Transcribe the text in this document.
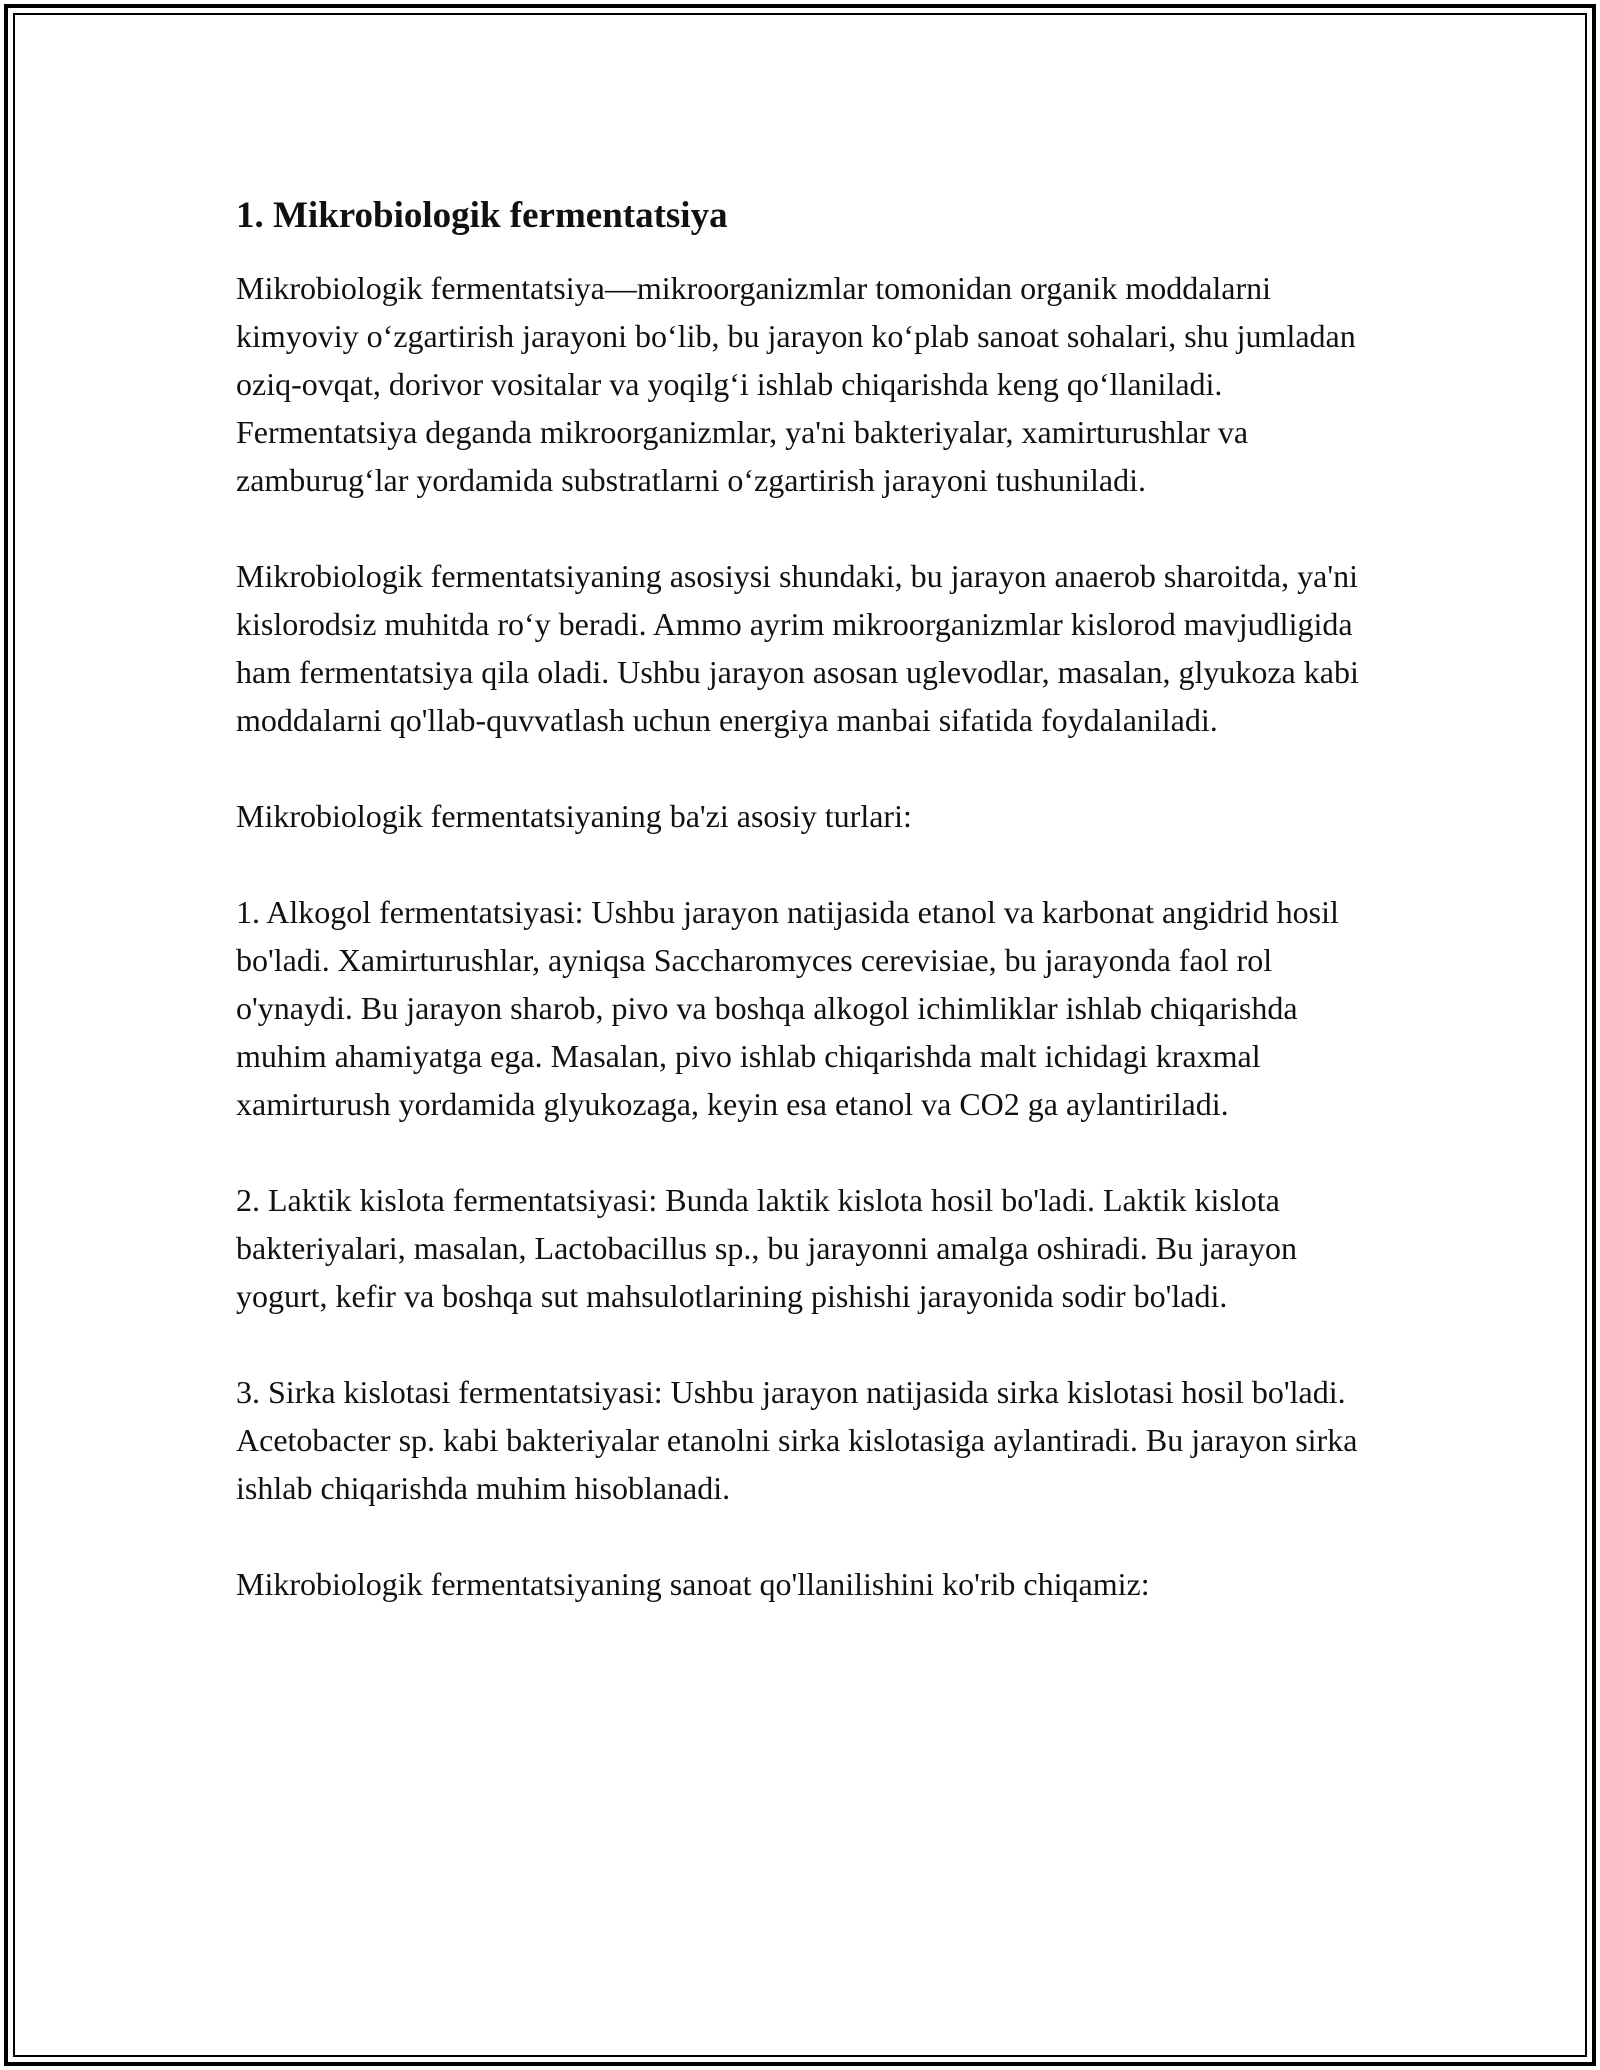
1. Mikrobiologik fermentatsiya

Mikrobiologik fermentatsiya—mikroorganizmlar tomonidan organik moddalarni kimyoviy o‘zgartirish jarayoni bo‘lib, bu jarayon ko‘plab sanoat sohalari, shu jumladan oziq-ovqat, dorivor vositalar va yoqilg‘i ishlab chiqarishda keng qo‘llaniladi. Fermentatsiya deganda mikroorganizmlar, ya'ni bakteriyalar, xamirturushlar va zamburug‘lar yordamida substratlarni o‘zgartirish jarayoni tushuniladi.

Mikrobiologik fermentatsiyaning asosiysi shundaki, bu jarayon anaerob sharoitda, ya'ni kislorodsiz muhitda ro‘y beradi. Ammo ayrim mikroorganizmlar kislorod mavjudligida ham fermentatsiya qila oladi. Ushbu jarayon asosan uglevodlar, masalan, glyukoza kabi moddalarni qo'llab-quvvatlash uchun energiya manbai sifatida foydalaniladi.

Mikrobiologik fermentatsiyaning ba'zi asosiy turlari:

1. Alkogol fermentatsiyasi: Ushbu jarayon natijasida etanol va karbonat angidrid hosil bo'ladi. Xamirturushlar, ayniqsa Saccharomyces cerevisiae, bu jarayonda faol rol o'ynaydi. Bu jarayon sharob, pivo va boshqa alkogol ichimliklar ishlab chiqarishda muhim ahamiyatga ega. Masalan, pivo ishlab chiqarishda malt ichidagi kraxmal xamirturush yordamida glyukozaga, keyin esa etanol va CO2 ga aylantiriladi.

2. Laktik kislota fermentatsiyasi: Bunda laktik kislota hosil bo'ladi. Laktik kislota bakteriyalari, masalan, Lactobacillus sp., bu jarayonni amalga oshiradi. Bu jarayon yogurt, kefir va boshqa sut mahsulotlarining pishishi jarayonida sodir bo'ladi.

3. Sirka kislotasi fermentatsiyasi: Ushbu jarayon natijasida sirka kislotasi hosil bo'ladi. Acetobacter sp. kabi bakteriyalar etanolni sirka kislotasiga aylantiradi. Bu jarayon sirka ishlab chiqarishda muhim hisoblanadi.

Mikrobiologik fermentatsiyaning sanoat qo'llanilishini ko'rib chiqamiz:
